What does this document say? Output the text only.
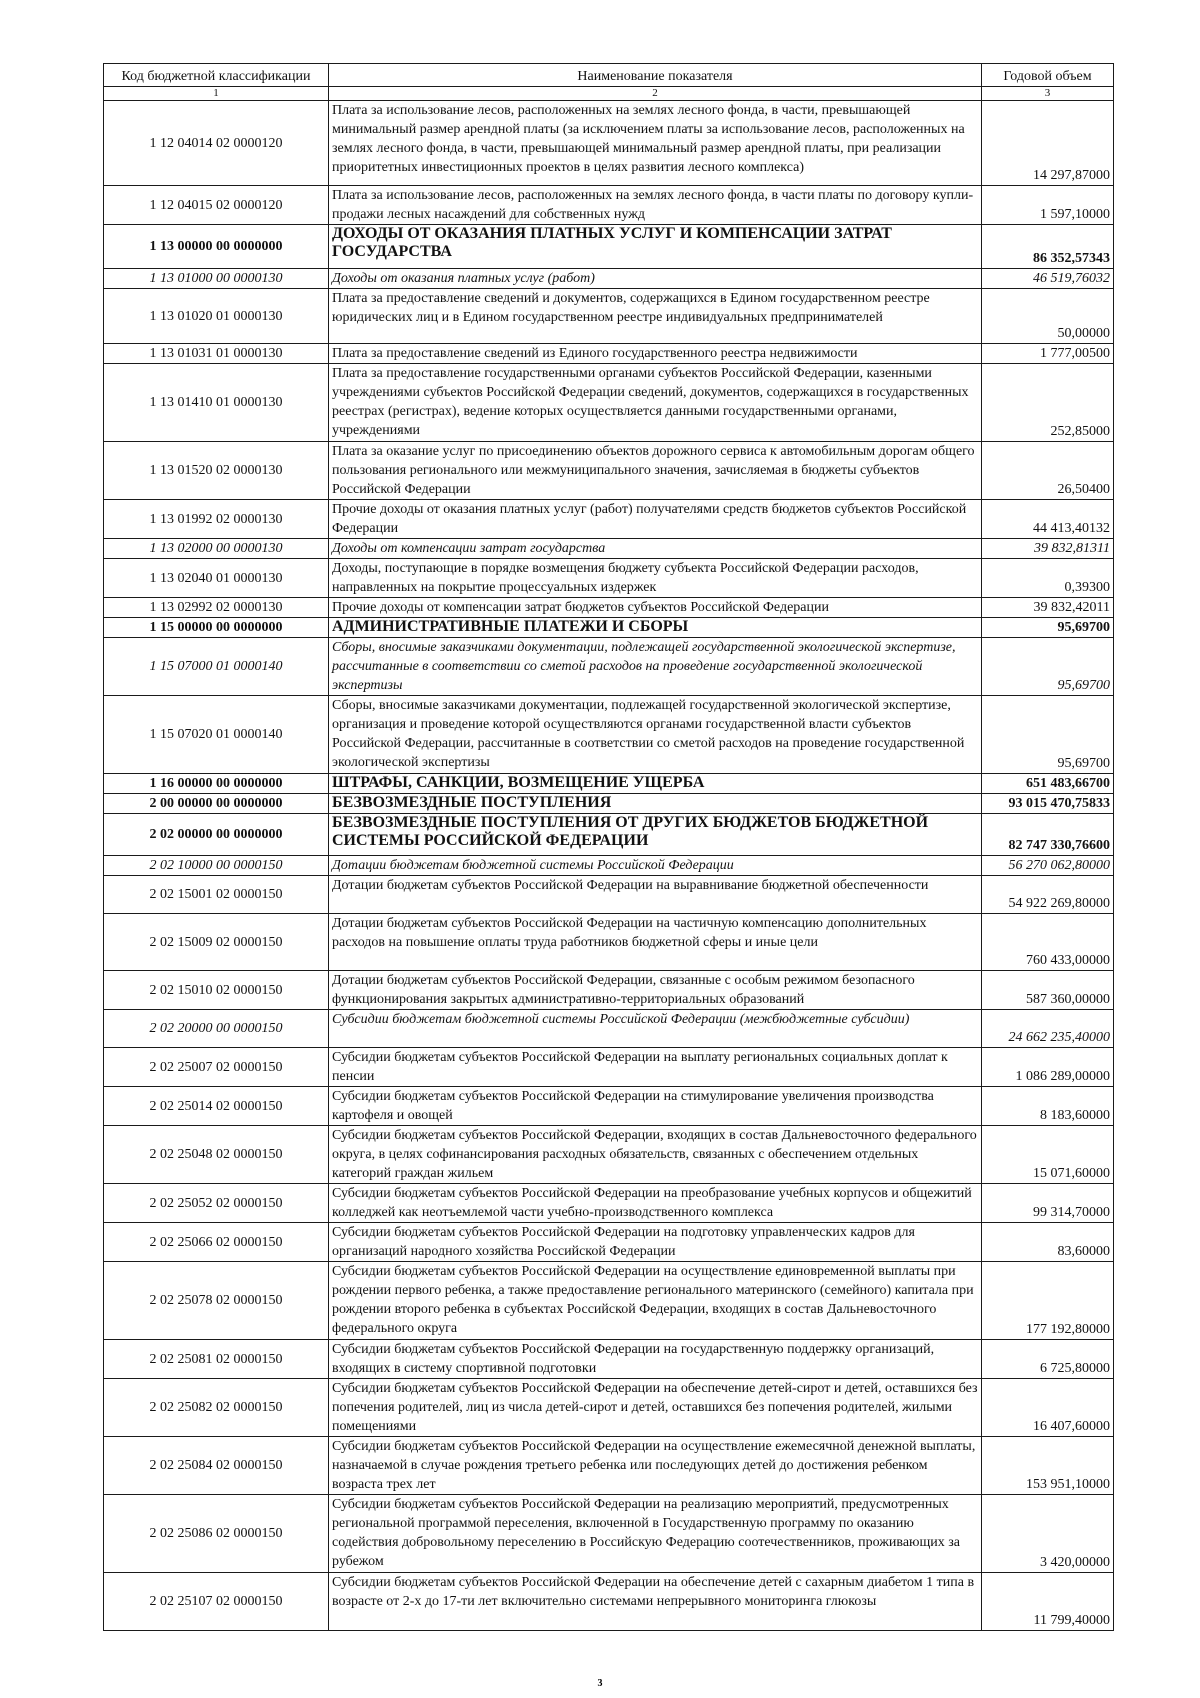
Код бюджетной классификации	Наименование показателя	Годовой объем
1	2	3
1 12 04014 02 0000120	Плата за использование лесов, расположенных на землях лесного фонда, в части, превышающей минимальный размер арендной платы (за исключением платы за использование лесов, расположенных на землях лесного фонда, в части, превышающей минимальный размер арендной платы, при реализации приоритетных инвестиционных проектов в целях развития лесного комплекса)	14 297,87000
1 12 04015 02 0000120	Плата за использование лесов, расположенных на землях лесного фонда, в части платы по договору купли-продажи лесных насаждений для собственных нужд	1 597,10000
1 13 00000 00 0000000	ДОХОДЫ ОТ ОКАЗАНИЯ ПЛАТНЫХ УСЛУГ И КОМПЕНСАЦИИ ЗАТРАТ ГОСУДАРСТВА	86 352,57343
1 13 01000 00 0000130	Доходы от оказания платных услуг (работ)	46 519,76032
1 13 01020 01 0000130	Плата за предоставление сведений и документов, содержащихся в Едином государственном реестре юридических лиц и в Едином государственном реестре индивидуальных предпринимателей	50,00000
1 13 01031 01 0000130	Плата за предоставление сведений из Единого государственного реестра недвижимости	1 777,00500
1 13 01410 01 0000130	Плата за предоставление государственными органами субъектов Российской Федерации, казенными учреждениями субъектов Российской Федерации сведений, документов, содержащихся в государственных реестрах (регистрах), ведение которых осуществляется данными государственными органами, учреждениями	252,85000
1 13 01520 02 0000130	Плата за оказание услуг по присоединению объектов дорожного сервиса к автомобильным дорогам общего пользования регионального или межмуниципального значения, зачисляемая в бюджеты субъектов Российской Федерации	26,50400
1 13 01992 02 0000130	Прочие доходы от оказания платных услуг (работ) получателями средств бюджетов субъектов Российской Федерации	44 413,40132
1 13 02000 00 0000130	Доходы от компенсации затрат государства	39 832,81311
1 13 02040 01 0000130	Доходы, поступающие в порядке возмещения бюджету субъекта Российской Федерации расходов, направленных на покрытие процессуальных издержек	0,39300
1 13 02992 02 0000130	Прочие доходы от компенсации затрат бюджетов субъектов Российской Федерации	39 832,42011
1 15 00000 00 0000000	АДМИНИСТРАТИВНЫЕ ПЛАТЕЖИ И СБОРЫ	95,69700
1 15 07000 01 0000140	Сборы, вносимые заказчиками документации, подлежащей государственной экологической экспертизе, рассчитанные в соответствии со сметой расходов на проведение государственной экологической экспертизы	95,69700
1 15 07020 01 0000140	Сборы, вносимые заказчиками документации, подлежащей государственной экологической экспертизе, организация и проведение которой осуществляются органами государственной власти субъектов Российской Федерации, рассчитанные в соответствии со сметой расходов на проведение государственной экологической экспертизы	95,69700
1 16 00000 00 0000000	ШТРАФЫ, САНКЦИИ, ВОЗМЕЩЕНИЕ УЩЕРБА	651 483,66700
2 00 00000 00 0000000	БЕЗВОЗМЕЗДНЫЕ ПОСТУПЛЕНИЯ	93 015 470,75833
2 02 00000 00 0000000	БЕЗВОЗМЕЗДНЫЕ ПОСТУПЛЕНИЯ ОТ ДРУГИХ БЮДЖЕТОВ БЮДЖЕТНОЙ СИСТЕМЫ РОССИЙСКОЙ ФЕДЕРАЦИИ	82 747 330,76600
2 02 10000 00 0000150	Дотации бюджетам бюджетной системы Российской Федерации	56 270 062,80000
2 02 15001 02 0000150	Дотации бюджетам субъектов Российской Федерации на выравнивание бюджетной обеспеченности	54 922 269,80000
2 02 15009 02 0000150	Дотации бюджетам субъектов Российской Федерации на частичную компенсацию дополнительных расходов на повышение оплаты труда работников бюджетной сферы и иные цели	760 433,00000
2 02 15010 02 0000150	Дотации бюджетам субъектов Российской Федерации, связанные с особым режимом безопасного функционирования закрытых административно-территориальных образований	587 360,00000
2 02 20000 00 0000150	Субсидии бюджетам бюджетной системы Российской Федерации (межбюджетные субсидии)	24 662 235,40000
2 02 25007 02 0000150	Субсидии бюджетам субъектов Российской Федерации на выплату региональных социальных доплат к пенсии	1 086 289,00000
2 02 25014 02 0000150	Субсидии бюджетам субъектов Российской Федерации на стимулирование увеличения производства картофеля и овощей	8 183,60000
2 02 25048 02 0000150	Субсидии бюджетам субъектов Российской Федерации, входящих в состав Дальневосточного федерального округа, в целях софинансирования расходных обязательств, связанных с обеспечением отдельных категорий граждан жильем	15 071,60000
2 02 25052 02 0000150	Субсидии бюджетам субъектов Российской Федерации на преобразование учебных корпусов и общежитий колледжей как неотъемлемой части учебно-производственного комплекса	99 314,70000
2 02 25066 02 0000150	Субсидии бюджетам субъектов Российской Федерации на подготовку управленческих кадров для организаций народного хозяйства Российской Федерации	83,60000
2 02 25078 02 0000150	Субсидии бюджетам субъектов Российской Федерации на осуществление единовременной выплаты при рождении первого ребенка, а также предоставление регионального материнского (семейного) капитала при рождении второго ребенка в субъектах Российской Федерации, входящих в состав Дальневосточного федерального округа	177 192,80000
2 02 25081 02 0000150	Субсидии бюджетам субъектов Российской Федерации на государственную поддержку организаций, входящих в систему спортивной подготовки	6 725,80000
2 02 25082 02 0000150	Субсидии бюджетам субъектов Российской Федерации на обеспечение детей-сирот и детей, оставшихся без попечения родителей, лиц из числа детей-сирот и детей, оставшихся без попечения родителей, жилыми помещениями	16 407,60000
2 02 25084 02 0000150	Субсидии бюджетам субъектов Российской Федерации на осуществление ежемесячной денежной выплаты, назначаемой в случае рождения третьего ребенка или последующих детей до достижения ребенком возраста трех лет	153 951,10000
2 02 25086 02 0000150	Субсидии бюджетам субъектов Российской Федерации на реализацию мероприятий, предусмотренных региональной программой переселения, включенной в Государственную программу по оказанию содействия добровольному переселению в Российскую Федерацию соотечественников, проживающих за рубежом	3 420,00000
2 02 25107 02 0000150	Субсидии бюджетам субъектов Российской Федерации на обеспечение детей с сахарным диабетом 1 типа в возрасте от 2-х до 17-ти лет включительно системами непрерывного мониторинга глюкозы	11 799,40000
3
